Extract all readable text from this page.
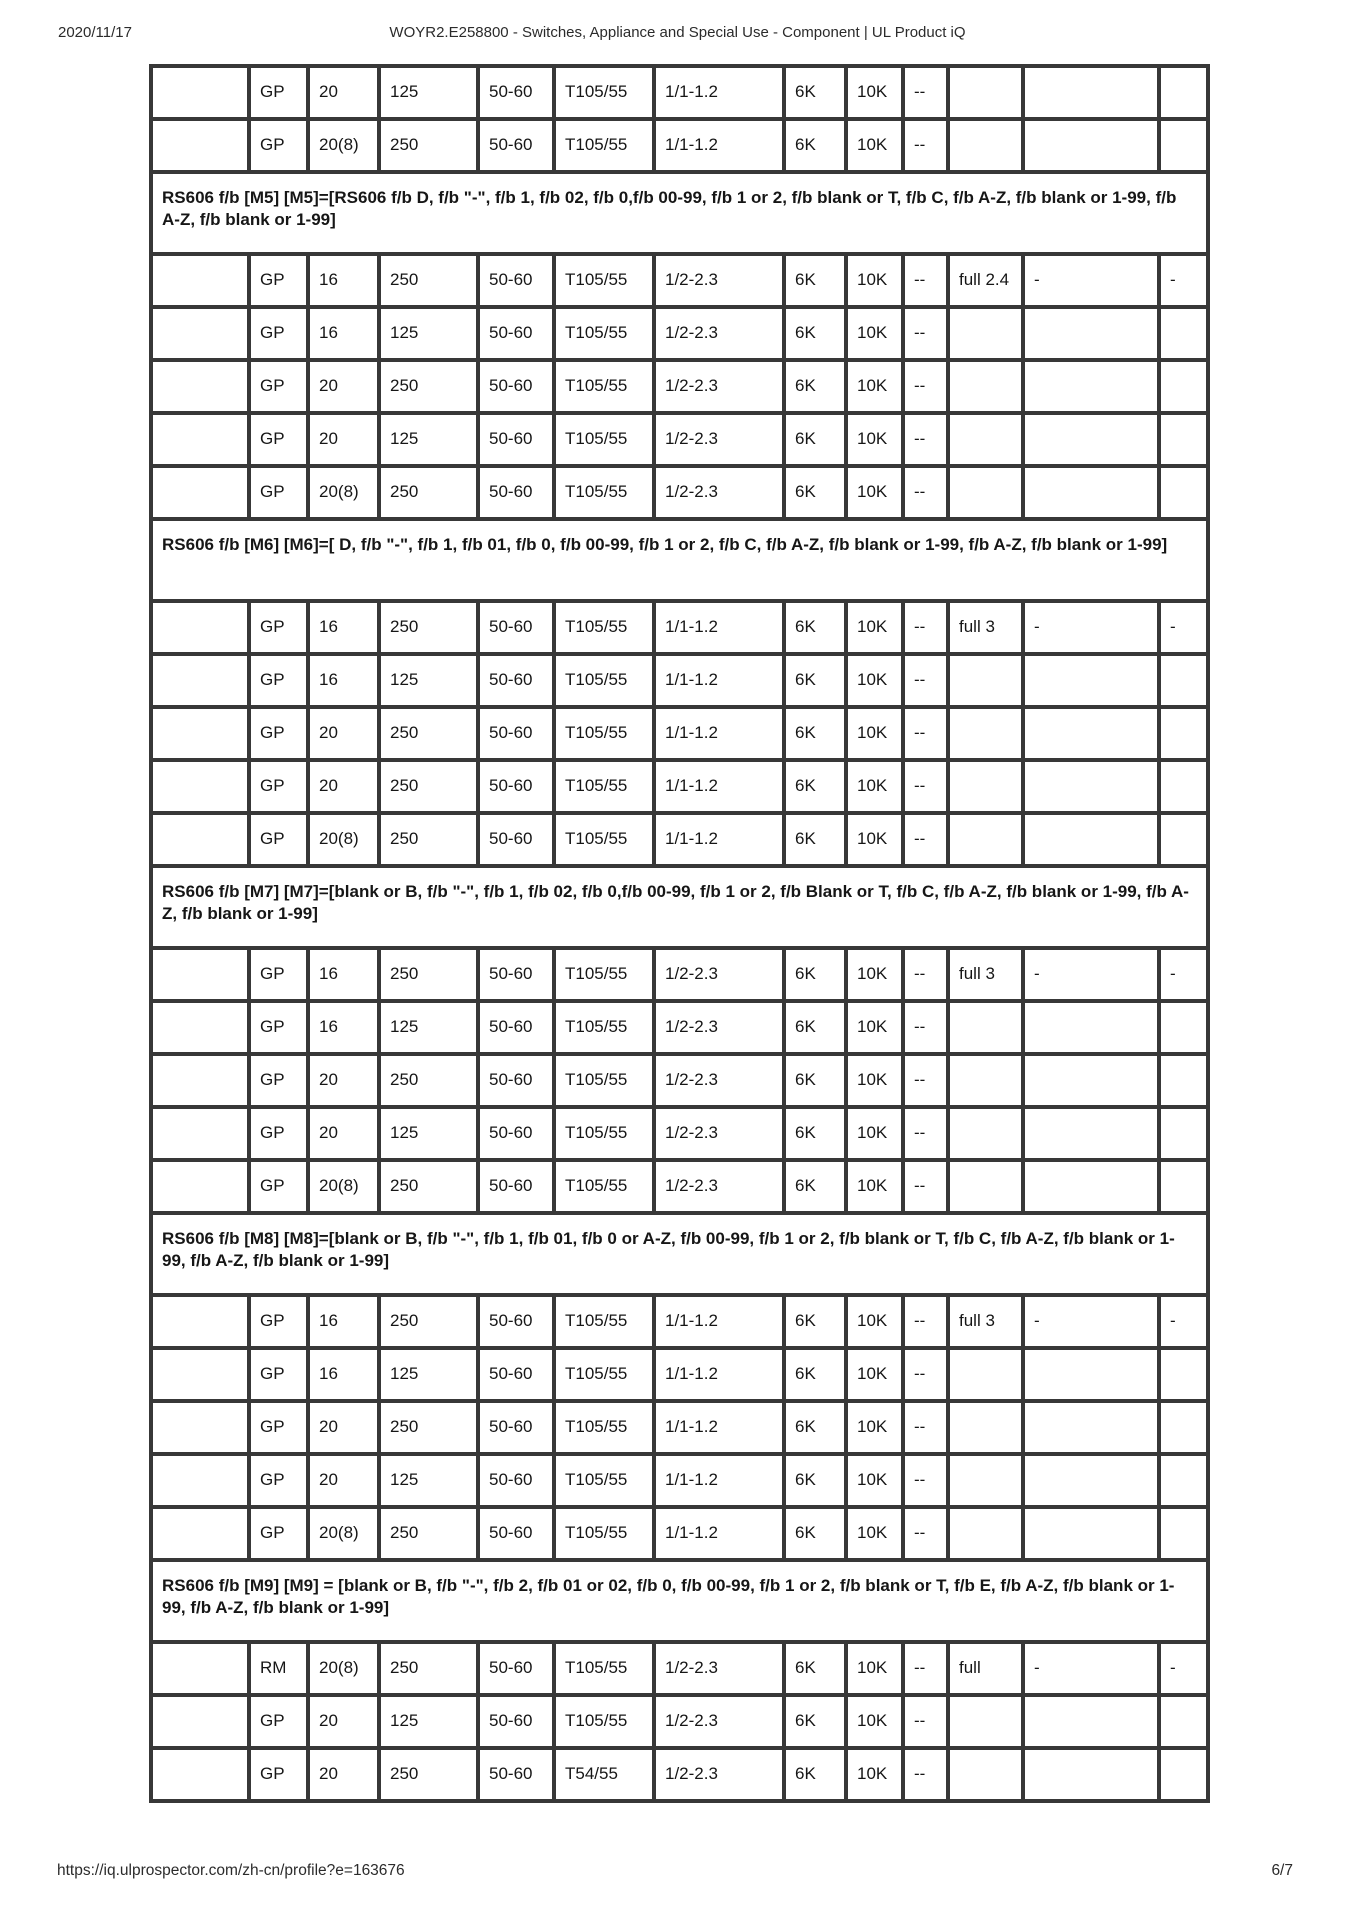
2020/11/17	WOYR2.E258800 - Switches, Appliance and Special Use - Component | UL Product iQ
	GP	20	125	50-60	T105/55	1/1-1.2	6K	10K	--			
	GP	20(8)	250	50-60	T105/55	1/1-1.2	6K	10K	--			
RS606 f/b [M5] [M5]=[RS606 f/b D, f/b "-", f/b 1, f/b 02, f/b 0,f/b 00-99, f/b 1 or 2, f/b blank or T, f/b C, f/b A-Z, f/b blank or 1-99, f/b A-Z, f/b blank or 1-99]												
	GP	16	250	50-60	T105/55	1/2-2.3	6K	10K	--	full 2.4	-	-
	GP	16	125	50-60	T105/55	1/2-2.3	6K	10K	--			
	GP	20	250	50-60	T105/55	1/2-2.3	6K	10K	--			
	GP	20	125	50-60	T105/55	1/2-2.3	6K	10K	--			
	GP	20(8)	250	50-60	T105/55	1/2-2.3	6K	10K	--			
RS606 f/b [M6] [M6]=[ D, f/b "-", f/b 1, f/b 01, f/b 0, f/b 00-99, f/b 1 or 2, f/b C, f/b A-Z, f/b blank or 1-99, f/b A-Z, f/b blank or 1-99]												
	GP	16	250	50-60	T105/55	1/1-1.2	6K	10K	--	full 3	-	-
	GP	16	125	50-60	T105/55	1/1-1.2	6K	10K	--			
	GP	20	250	50-60	T105/55	1/1-1.2	6K	10K	--			
	GP	20	250	50-60	T105/55	1/1-1.2	6K	10K	--			
	GP	20(8)	250	50-60	T105/55	1/1-1.2	6K	10K	--			
RS606 f/b [M7] [M7]=[blank or B, f/b "-", f/b 1, f/b 02, f/b 0,f/b 00-99, f/b 1 or 2, f/b Blank or T, f/b C, f/b A-Z, f/b blank or 1-99, f/b A-Z, f/b blank or 1-99]												
	GP	16	250	50-60	T105/55	1/2-2.3	6K	10K	--	full 3	-	-
	GP	16	125	50-60	T105/55	1/2-2.3	6K	10K	--			
	GP	20	250	50-60	T105/55	1/2-2.3	6K	10K	--			
	GP	20	125	50-60	T105/55	1/2-2.3	6K	10K	--			
	GP	20(8)	250	50-60	T105/55	1/2-2.3	6K	10K	--			
RS606 f/b [M8] [M8]=[blank or B, f/b "-", f/b 1, f/b 01, f/b 0 or A-Z, f/b 00-99, f/b 1 or 2, f/b blank or T, f/b C, f/b A-Z, f/b blank or 1-99, f/b A-Z, f/b blank or 1-99]												
	GP	16	250	50-60	T105/55	1/1-1.2	6K	10K	--	full 3	-	-
	GP	16	125	50-60	T105/55	1/1-1.2	6K	10K	--			
	GP	20	250	50-60	T105/55	1/1-1.2	6K	10K	--			
	GP	20	125	50-60	T105/55	1/1-1.2	6K	10K	--			
	GP	20(8)	250	50-60	T105/55	1/1-1.2	6K	10K	--			
RS606 f/b [M9] [M9] = [blank or B, f/b "-", f/b 2, f/b 01 or 02, f/b 0, f/b 00-99, f/b 1 or 2, f/b blank or T, f/b E, f/b A-Z, f/b blank or 1-99, f/b A-Z, f/b blank or 1-99]												
	RM	20(8)	250	50-60	T105/55	1/2-2.3	6K	10K	--	full	-	-
	GP	20	125	50-60	T105/55	1/2-2.3	6K	10K	--			
	GP	20	250	50-60	T54/55	1/2-2.3	6K	10K	--			
https://iq.ulprospector.com/zh-cn/profile?e=163676	6/7
